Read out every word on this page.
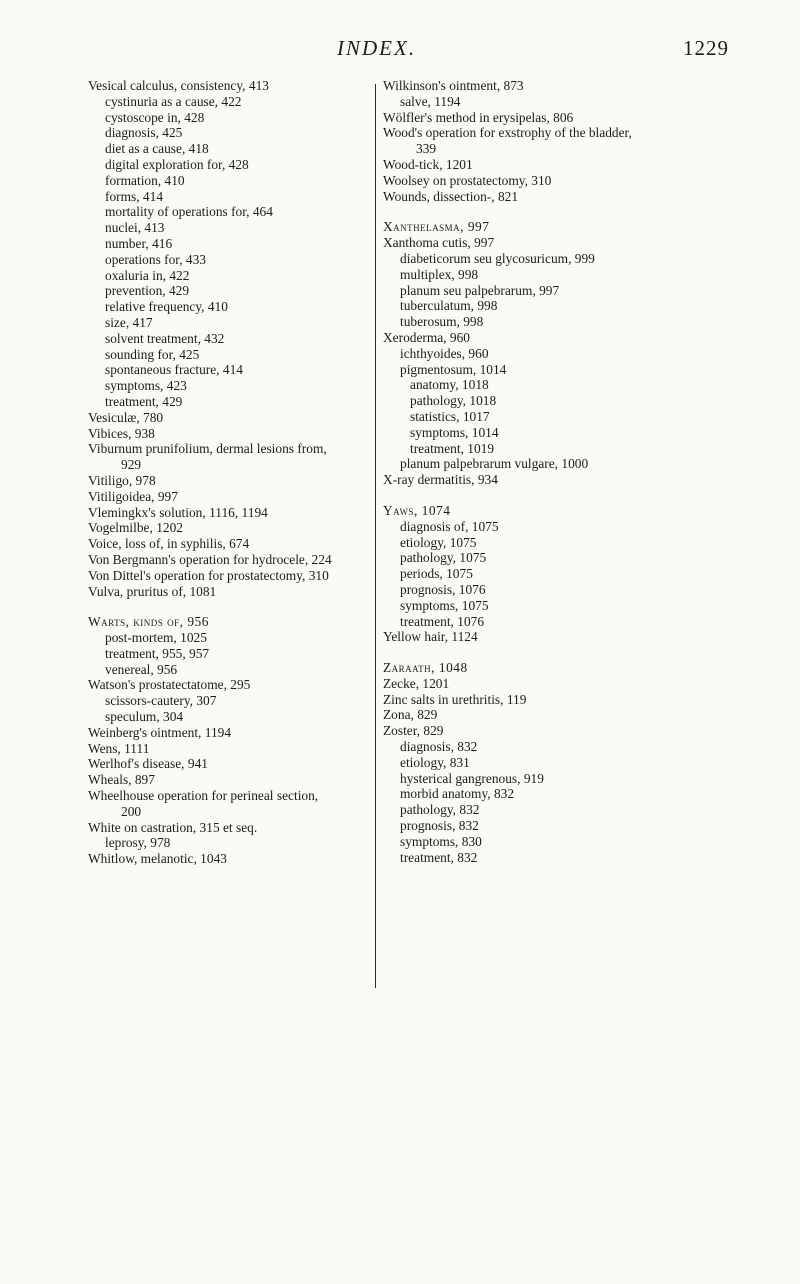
INDEX.	1229
Vesical calculus, consistency, 413
cystinuria as a cause, 422
cystoscope in, 428
diagnosis, 425
diet as a cause, 418
digital exploration for, 428
formation, 410
forms, 414
mortality of operations for, 464
nuclei, 413
number, 416
operations for, 433
oxaluria in, 422
prevention, 429
relative frequency, 410
size, 417
solvent treatment, 432
sounding for, 425
spontaneous fracture, 414
symptoms, 423
treatment, 429
Vesiculæ, 780
Vibices, 938
Viburnum prunifolium, dermal lesions from,
929
Vitiligo, 978
Vitiligoidea, 997
Vlemingkx's solution, 1116, 1194
Vogelmilbe, 1202
Voice, loss of, in syphilis, 674
Von Bergmann's operation for hydrocele, 224
Von Dittel's operation for prostatectomy, 310
Vulva, pruritus of, 1081
Warts, kinds of, 956
post-mortem, 1025
treatment, 955, 957
venereal, 956
Watson's prostatectatome, 295
scissors-cautery, 307
speculum, 304
Weinberg's ointment, 1194
Wens, 1111
Werlhof's disease, 941
Wheals, 897
Wheelhouse operation for perineal section,
200
White on castration, 315 et seq.
leprosy, 978
Whitlow, melanotic, 1043
Wilkinson's ointment, 873
salve, 1194
Wölfler's method in erysipelas, 806
Wood's operation for exstrophy of the bladder,
339
Wood-tick, 1201
Woolsey on prostatectomy, 310
Wounds, dissection-, 821
Xanthelasma, 997
Xanthoma cutis, 997
diabeticorum seu glycosuricum, 999
multiplex, 998
planum seu palpebrarum, 997
tuberculatum, 998
tuberosum, 998
Xeroderma, 960
ichthyoides, 960
pigmentosum, 1014
anatomy, 1018
pathology, 1018
statistics, 1017
symptoms, 1014
treatment, 1019
planum palpebrarum vulgare, 1000
X-ray dermatitis, 934
Yaws, 1074
diagnosis of, 1075
etiology, 1075
pathology, 1075
periods, 1075
prognosis, 1076
symptoms, 1075
treatment, 1076
Yellow hair, 1124
Zaraath, 1048
Zecke, 1201
Zinc salts in urethritis, 119
Zona, 829
Zoster, 829
diagnosis, 832
etiology, 831
hysterical gangrenous, 919
morbid anatomy, 832
pathology, 832
prognosis, 832
symptoms, 830
treatment, 832
